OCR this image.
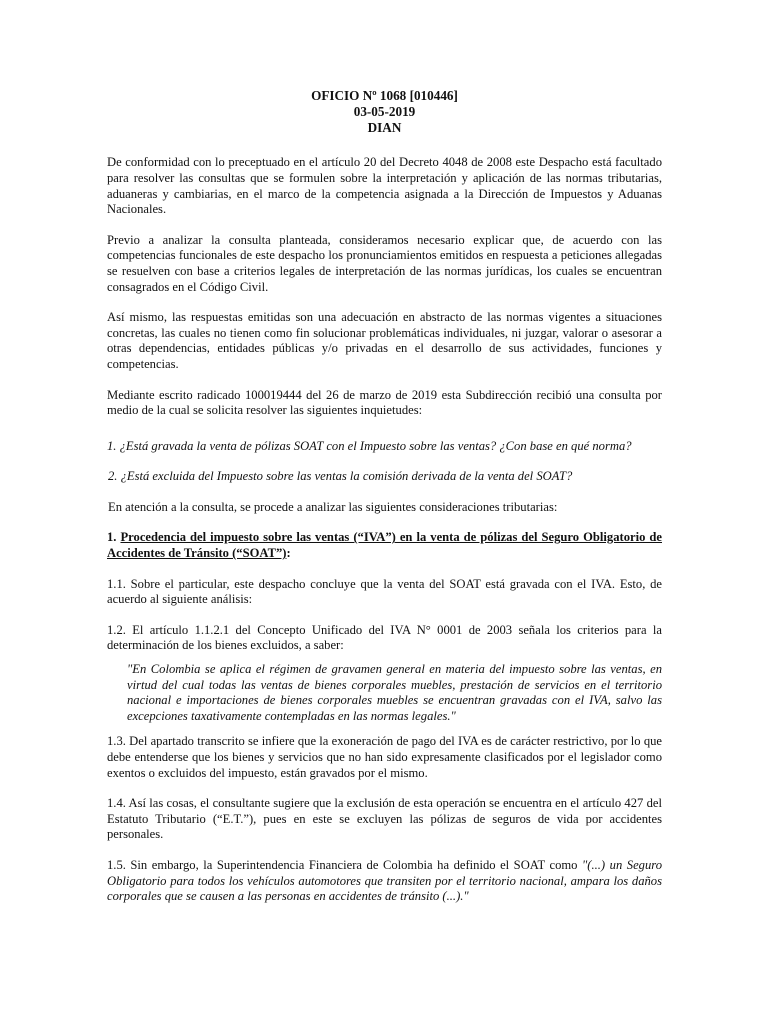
OFICIO Nº 1068 [010446]
03-05-2019
DIAN

De conformidad con lo preceptuado en el artículo 20 del Decreto 4048 de 2008 este Despacho está facultado para resolver las consultas que se formulen sobre la interpretación y aplicación de las normas tributarias, aduaneras y cambiarias, en el marco de la competencia asignada a la Dirección de Impuestos y Aduanas Nacionales.

Previo a analizar la consulta planteada, consideramos necesario explicar que, de acuerdo con las competencias funcionales de este despacho los pronunciamientos emitidos en respuesta a peticiones allegadas se resuelven con base a criterios legales de interpretación de las normas jurídicas, los cuales se encuentran consagrados en el Código Civil.

Así mismo, las respuestas emitidas son una adecuación en abstracto de las normas vigentes a situaciones concretas, las cuales no tienen como fin solucionar problemáticas individuales, ni juzgar, valorar o asesorar a otras dependencias, entidades públicas y/o privadas en el desarrollo de sus actividades, funciones y competencias.

Mediante escrito radicado 100019444 del 26 de marzo de 2019 esta Subdirección recibió una consulta por medio de la cual se solicita resolver las siguientes inquietudes:

1. ¿Está gravada la venta de pólizas SOAT con el Impuesto sobre las ventas? ¿Con base en qué norma?
2. ¿Está excluida del Impuesto sobre las ventas la comisión derivada de la venta del SOAT?

En atención a la consulta, se procede a analizar las siguientes consideraciones tributarias:

1. Procedencia del impuesto sobre las ventas (“IVA”) en la venta de pólizas del Seguro Obligatorio de Accidentes de Tránsito (“SOAT”):

1.1. Sobre el particular, este despacho concluye que la venta del SOAT está gravada con el IVA. Esto, de acuerdo al siguiente análisis:

1.2. El artículo 1.1.2.1 del Concepto Unificado del IVA N° 0001 de 2003 señala los criterios para la determinación de los bienes excluidos, a saber:

"En Colombia se aplica el régimen de gravamen general en materia del impuesto sobre las ventas, en virtud del cual todas las ventas de bienes corporales muebles, prestación de servicios en el territorio nacional e importaciones de bienes corporales muebles se encuentran gravadas con el IVA, salvo las excepciones taxativamente contempladas en las normas legales."

1.3. Del apartado transcrito se infiere que la exoneración de pago del IVA es de carácter restrictivo, por lo que debe entenderse que los bienes y servicios que no han sido expresamente clasificados por el legislador como exentos o excluidos del impuesto, están gravados por el mismo.

1.4. Así las cosas, el consultante sugiere que la exclusión de esta operación se encuentra en el artículo 427 del Estatuto Tributario (“E.T.”), pues en este se excluyen las pólizas de seguros de vida por accidentes personales.

1.5. Sin embargo, la Superintendencia Financiera de Colombia ha definido el SOAT como "(...) un Seguro Obligatorio para todos los vehículos automotores que transiten por el territorio nacional, ampara los daños corporales que se causen a las personas en accidentes de tránsito (...)."
